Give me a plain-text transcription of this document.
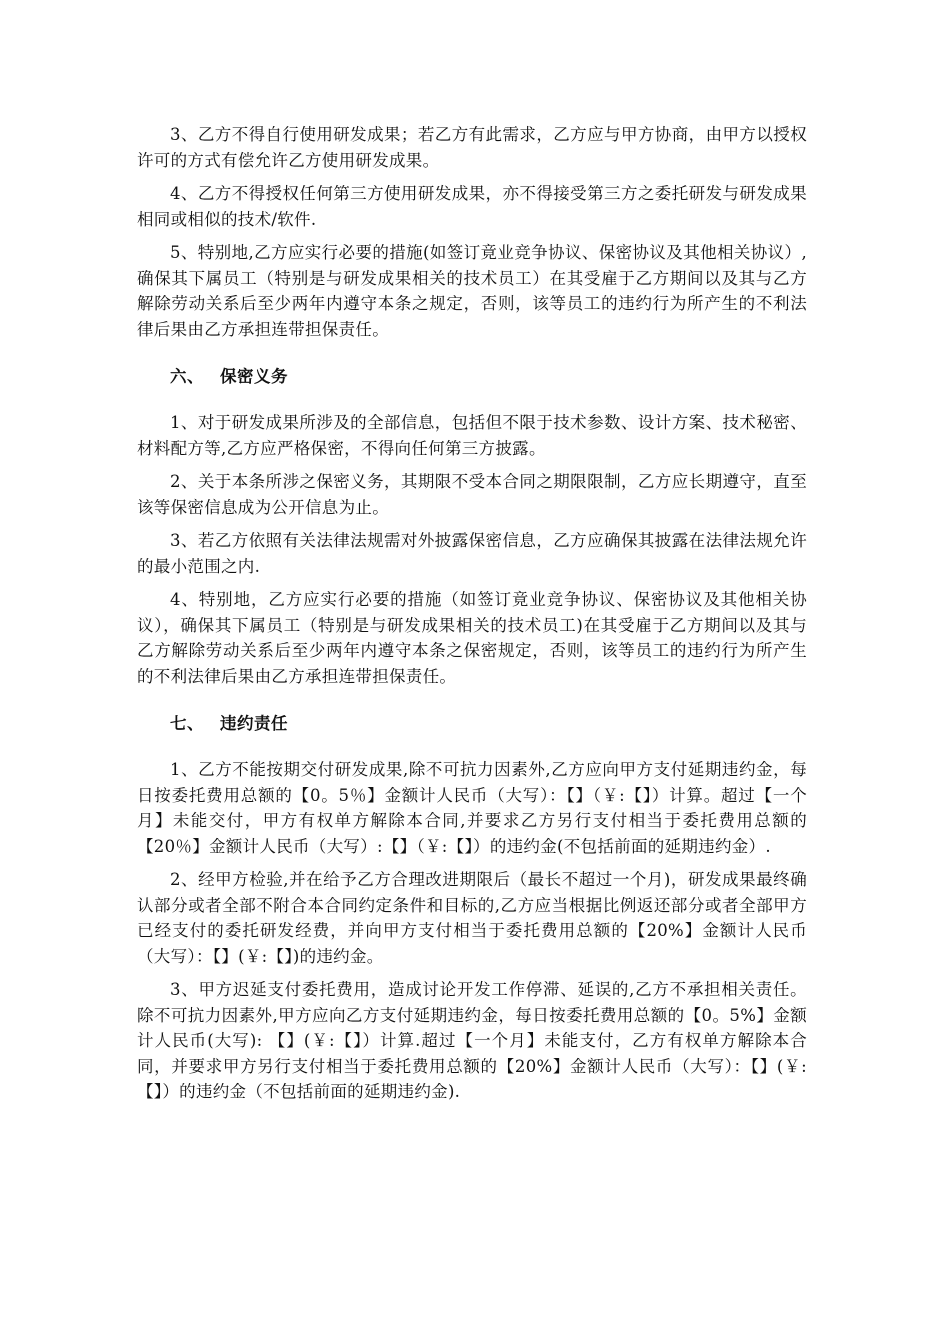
3、乙方不得自行使用研发成果；若乙方有此需求，乙方应与甲方协商，由甲方以授权许可的方式有偿允许乙方使用研发成果。

4、乙方不得授权任何第三方使用研发成果，亦不得接受第三方之委托研发与研发成果相同或相似的技术/软件.

5、特别地,乙方应实行必要的措施(如签订竟业竞争协议、保密协议及其他相关协议）,确保其下属员工（特别是与研发成果相关的技术员工）在其受雇于乙方期间以及其与乙方解除劳动关系后至少两年内遵守本条之规定，否则，该等员工的违约行为所产生的不利法律后果由乙方承担连带担保责任。

六、 保密义务

1、对于研发成果所涉及的全部信息，包括但不限于技术参数、设计方案、技术秘密、材料配方等,乙方应严格保密，不得向任何第三方披露。

2、关于本条所涉之保密义务，其期限不受本合同之期限限制，乙方应长期遵守，直至该等保密信息成为公开信息为止。

3、若乙方依照有关法律法规需对外披露保密信息，乙方应确保其披露在法律法规允许的最小范围之内.

4、特别地，乙方应实行必要的措施（如签订竟业竞争协议、保密协议及其他相关协议），确保其下属员工（特别是与研发成果相关的技术员工)在其受雇于乙方期间以及其与乙方解除劳动关系后至少两年内遵守本条之保密规定，否则，该等员工的违约行为所产生的不利法律后果由乙方承担连带担保责任。

七、 违约责任

1、乙方不能按期交付研发成果,除不可抗力因素外,乙方应向甲方支付延期违约金，每日按委托费用总额的【0。5％】金额计人民币（大写）：【】（￥:【】）计算。超过【一个月】未能交付，甲方有权单方解除本合同,并要求乙方另行支付相当于委托费用总额的【20％】金额计人民币（大写）:【】（￥:【】）的违约金(不包括前面的延期违约金）.

2、经甲方检验,并在给予乙方合理改进期限后（最长不超过一个月)，研发成果最终确认部分或者全部不附合本合同约定条件和目标的,乙方应当根据比例返还部分或者全部甲方已经支付的委托研发经费，并向甲方支付相当于委托费用总额的【20%】金额计人民币（大写）：【】(￥:【】)的违约金。

3、甲方迟延支付委托费用，造成讨论开发工作停滞、延误的,乙方不承担相关责任。除不可抗力因素外,甲方应向乙方支付延期违约金，每日按委托费用总额的【0。5%】金额计人民币(大写): 【】(￥:【】）计算.超过【一个月】未能支付，乙方有权单方解除本合同，并要求甲方另行支付相当于委托费用总额的【20%】金额计人民币（大写）：【】(￥:【】）的违约金（不包括前面的延期违约金).
